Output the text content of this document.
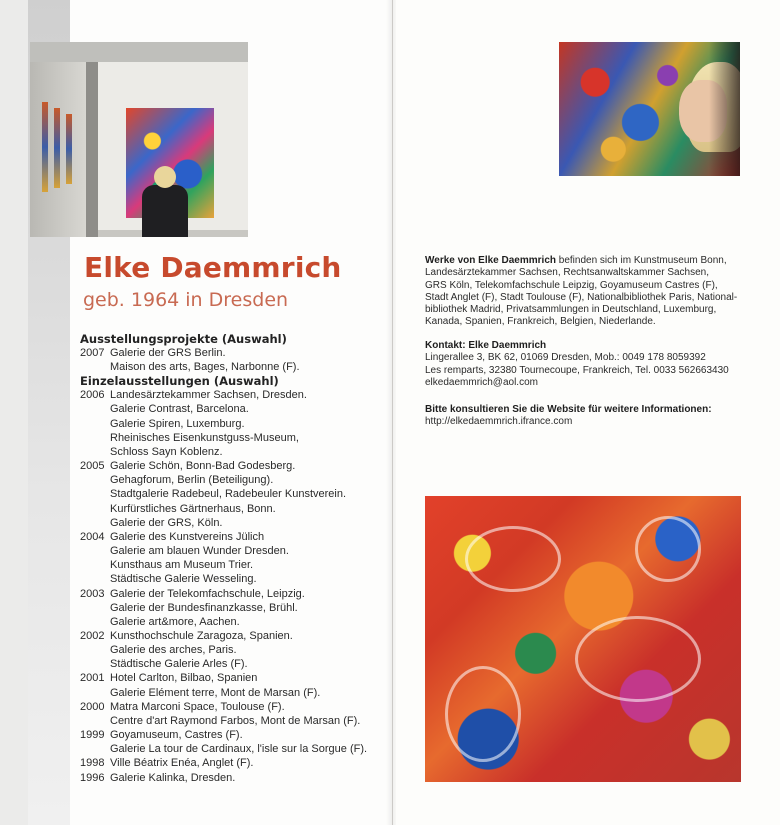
Elke Daemmrich
geb. 1964 in Dresden
Ausstellungsprojekte (Auswahl)
2007 Galerie der GRS Berlin.
Maison des arts, Bages, Narbonne (F).
Einzelausstellungen (Auswahl)
2006 Landesärztekammer Sachsen, Dresden.
Galerie Contrast, Barcelona.
Galerie Spiren, Luxemburg.
Rheinisches Eisenkunstguss-Museum,
Schloss Sayn Koblenz.
2005 Galerie Schön, Bonn-Bad Godesberg.
Gehagforum, Berlin (Beteiligung).
Stadtgalerie Radebeul, Radebeuler Kunstverein.
Kurfürstliches Gärtnerhaus, Bonn.
Galerie der GRS, Köln.
2004 Galerie des Kunstvereins Jülich
Galerie am blauen Wunder Dresden.
Kunsthaus am Museum Trier.
Städtische Galerie Wesseling.
2003 Galerie der Telekomfachschule, Leipzig.
Galerie der Bundesfinanzkasse, Brühl.
Galerie art&more, Aachen.
2002 Kunsthochschule Zaragoza, Spanien.
Galerie des arches, Paris.
Städtische Galerie Arles (F).
2001 Hotel Carlton, Bilbao, Spanien
Galerie Elément terre, Mont de Marsan (F).
2000 Matra Marconi Space, Toulouse (F).
Centre d'art Raymond Farbos, Mont de Marsan (F).
1999 Goyamuseum, Castres (F).
Galerie La tour de Cardinaux, l'isle sur la Sorgue (F).
1998 Ville Béatrix Enéa, Anglet (F).
1996 Galerie Kalinka, Dresden.
Werke von Elke Daemmrich befinden sich im Kunstmuseum Bonn,
Landesärztekammer Sachsen, Rechtsanwaltskammer Sachsen,
GRS Köln, Telekomfachschule Leipzig, Goyamuseum Castres (F),
Stadt Anglet (F), Stadt Toulouse (F), Nationalbibliothek Paris, National-
bibliothek Madrid, Privatsammlungen in Deutschland, Luxemburg,
Kanada, Spanien, Frankreich, Belgien, Niederlande.
Kontakt: Elke Daemmrich
Lingerallee 3, BK 62, 01069 Dresden, Mob.: 0049 178 8059392
Les remparts, 32380 Tournecoupe, Frankreich, Tel. 0033 562663430
elkedaemmrich@aol.com
Bitte konsultieren Sie die Website für weitere Informationen:
http://elkedaemmrich.ifrance.com
